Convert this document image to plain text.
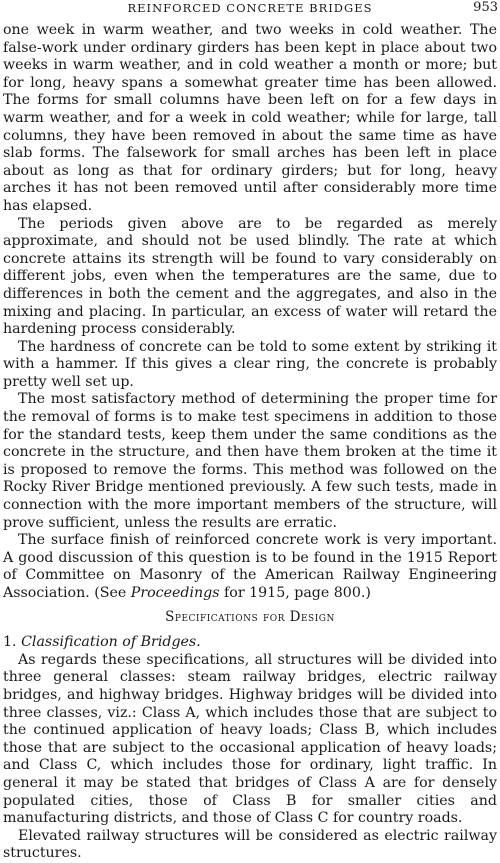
REINFORCED CONCRETE BRIDGES	953

one week in warm weather, and two weeks in cold weather. The false-work under ordinary girders has been kept in place about two weeks in warm weather, and in cold weather a month or more; but for long, heavy spans a somewhat greater time has been allowed. The forms for small columns have been left on for a few days in warm weather, and for a week in cold weather; while for large, tall columns, they have been removed in about the same time as have slab forms. The falsework for small arches has been left in place about as long as that for ordinary girders; but for long, heavy arches it has not been removed until after considerably more time has elapsed.

The periods given above are to be regarded as merely approximate, and should not be used blindly. The rate at which concrete attains its strength will be found to vary considerably on different jobs, even when the temperatures are the same, due to differences in both the cement and the aggregates, and also in the mixing and placing. In particular, an excess of water will retard the hardening process considerably.

The hardness of concrete can be told to some extent by striking it with a hammer. If this gives a clear ring, the concrete is probably pretty well set up.

The most satisfactory method of determining the proper time for the removal of forms is to make test specimens in addition to those for the standard tests, keep them under the same conditions as the concrete in the structure, and then have them broken at the time it is proposed to remove the forms. This method was followed on the Rocky River Bridge mentioned previously. A few such tests, made in connection with the more important members of the structure, will prove sufficient, unless the results are erratic.

The surface finish of reinforced concrete work is very important. A good discussion of this question is to be found in the 1915 Report of Committee on Masonry of the American Railway Engineering Association. (See Proceedings for 1915, page 800.)

Specifications for Design

1. Classification of Bridges.

As regards these specifications, all structures will be divided into three general classes: steam railway bridges, electric railway bridges, and highway bridges. Highway bridges will be divided into three classes, viz.: Class A, which includes those that are subject to the continued application of heavy loads; Class B, which includes those that are subject to the occasional application of heavy loads; and Class C, which includes those for ordinary, light traffic. In general it may be stated that bridges of Class A are for densely populated cities, those of Class B for smaller cities and manufacturing districts, and those of Class C for country roads.

Elevated railway structures will be considered as electric railway structures.
